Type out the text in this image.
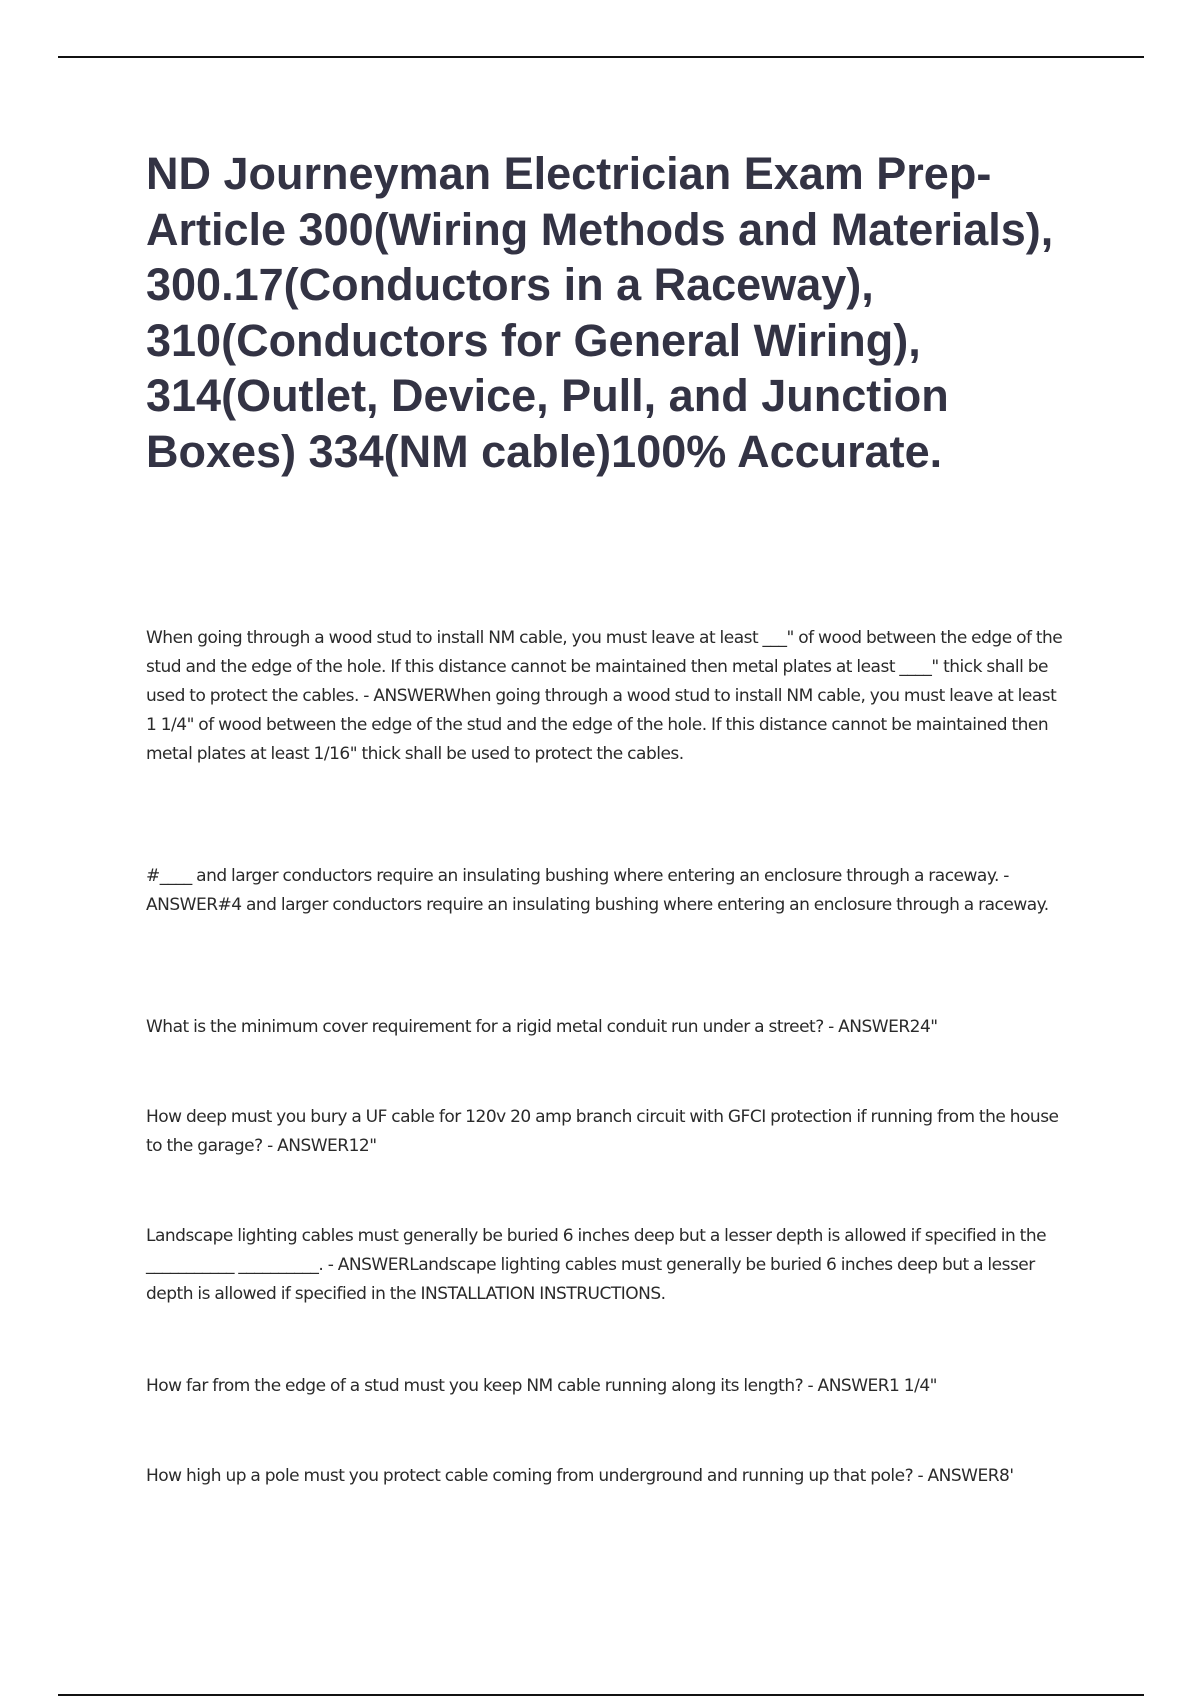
ND Journeyman Electrician Exam Prep- Article 300(Wiring Methods and Materials), 300.17(Conductors in a Raceway), 310(Conductors for General Wiring), 314(Outlet, Device, Pull, and Junction Boxes) 334(NM cable)100% Accurate.

When going through a wood stud to install NM cable, you must leave at least ___" of wood between the edge of the stud and the edge of the hole. If this distance cannot be maintained then metal plates at least ____" thick shall be used to protect the cables. - ANSWERWhen going through a wood stud to install NM cable, you must leave at least 1 1/4" of wood between the edge of the stud and the edge of the hole. If this distance cannot be maintained then metal plates at least 1/16" thick shall be used to protect the cables.

#____ and larger conductors require an insulating bushing where entering an enclosure through a raceway. - ANSWER#4 and larger conductors require an insulating bushing where entering an enclosure through a raceway.

What is the minimum cover requirement for a rigid metal conduit run under a street? - ANSWER24"

How deep must you bury a UF cable for 120v 20 amp branch circuit with GFCI protection if running from the house to the garage? - ANSWER12"

Landscape lighting cables must generally be buried 6 inches deep but a lesser depth is allowed if specified in the ___________ __________. - ANSWERLandscape lighting cables must generally be buried 6 inches deep but a lesser depth is allowed if specified in the INSTALLATION INSTRUCTIONS.

How far from the edge of a stud must you keep NM cable running along its length? - ANSWER1 1/4"

How high up a pole must you protect cable coming from underground and running up that pole? - ANSWER8'
